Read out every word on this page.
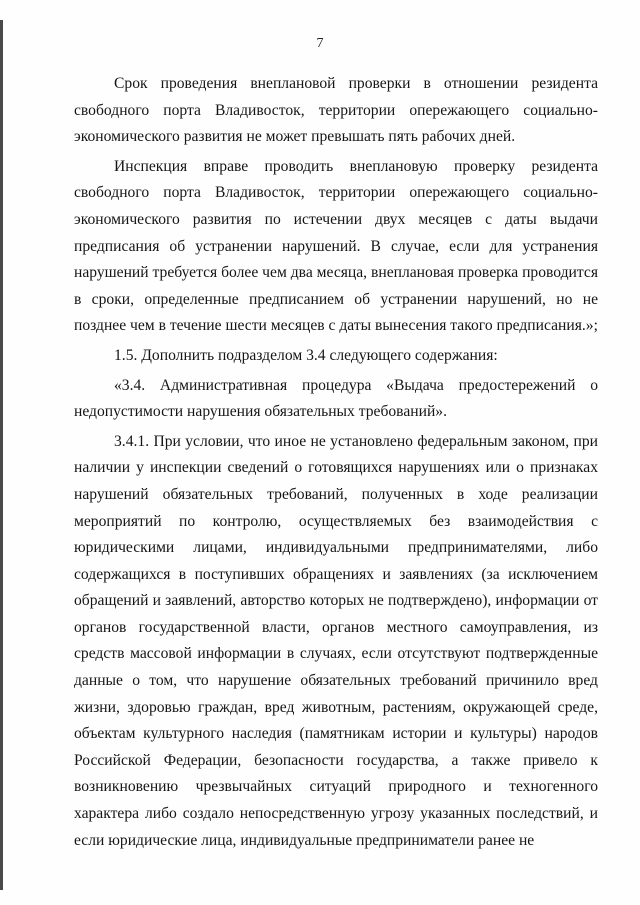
7

Срок проведения внеплановой проверки в отношении резидента свободного порта Владивосток, территории опережающего социально-экономического развития не может превышать пять рабочих дней.

Инспекция вправе проводить внеплановую проверку резидента свободного порта Владивосток, территории опережающего социально-экономического развития по истечении двух месяцев с даты выдачи предписания об устранении нарушений. В случае, если для устранения нарушений требуется более чем два месяца, внеплановая проверка проводится в сроки, определенные предписанием об устранении нарушений, но не позднее чем в течение шести месяцев с даты вынесения такого предписания.»;

1.5. Дополнить подразделом 3.4 следующего содержания:

«3.4. Административная процедура «Выдача предостережений о недопустимости нарушения обязательных требований».

3.4.1. При условии, что иное не установлено федеральным законом, при наличии у инспекции сведений о готовящихся нарушениях или о признаках нарушений обязательных требований, полученных в ходе реализации мероприятий по контролю, осуществляемых без взаимодействия с юридическими лицами, индивидуальными предпринимателями, либо содержащихся в поступивших обращениях и заявлениях (за исключением обращений и заявлений, авторство которых не подтверждено), информации от органов государственной власти, органов местного самоуправления, из средств массовой информации в случаях, если отсутствуют подтвержденные данные о том, что нарушение обязательных требований причинило вред жизни, здоровью граждан, вред животным, растениям, окружающей среде, объектам культурного наследия (памятникам истории и культуры) народов Российской Федерации, безопасности государства, а также привело к возникновению чрезвычайных ситуаций природного и техногенного характера либо создало непосредственную угрозу указанных последствий, и если юридические лица, индивидуальные предприниматели ранее не
